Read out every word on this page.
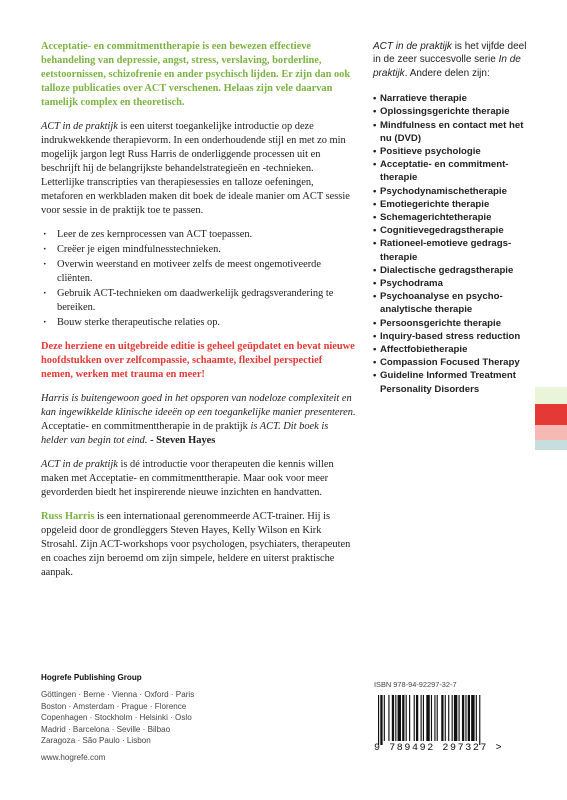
Acceptatie- en commitmenttherapie is een bewezen effectieve behandeling van depressie, angst, stress, verslaving, borderline, eetstoornissen, schizofrenie en ander psychisch lijden. Er zijn dan ook talloze publicaties over ACT verschenen. Helaas zijn vele daarvan tamelijk complex en theoretisch.

ACT in de praktijk is een uiterst toegankelijke introductie op deze indrukwekkende therapievorm. In een onderhoudende stijl en met zo min mogelijk jargon legt Russ Harris de onderliggende processen uit en beschrijft hij de belangrijkste behandelstrategieën en -technieken. Letterlijke transcripties van therapiesessies en talloze oefeningen, metaforen en werkbladen maken dit boek de ideale manier om ACT sessie voor sessie in de praktijk toe te passen.

· Leer de zes kernprocessen van ACT toepassen.
· Creëer je eigen mindfulnesstechnieken.
· Overwin weerstand en motiveer zelfs de meest ongemotiveerde cliënten.
· Gebruik ACT-technieken om daadwerkelijk gedragsverandering te bereiken.
· Bouw sterke therapeutische relaties op.

Deze herziene en uitgebreide editie is geheel geüpdatet en bevat nieuwe hoofdstukken over zelfcompassie, schaamte, flexibel perspectief nemen, werken met trauma en meer!

Harris is buitengewoon goed in het opsporen van nodeloze complexiteit en kan ingewikkelde klinische ideeën op een toegankelijke manier presenteren. Acceptatie- en commitmenttherapie in de praktijk is ACT. Dit boek is helder van begin tot eind. - Steven Hayes

ACT in de praktijk is dé introductie voor therapeuten die kennis willen maken met Acceptatie- en commitmenttherapie. Maar ook voor meer gevorderden biedt het inspirerende nieuwe inzichten en handvatten.

Russ Harris is een internationaal gerenommeerde ACT-trainer. Hij is opgeleid door de grondleggers Steven Hayes, Kelly Wilson en Kirk Strosahl. Zijn ACT-workshops voor psychologen, psychiaters, therapeuten en coaches zijn beroemd om zijn simpele, heldere en uiterst praktische aanpak.

ACT in de praktijk is het vijfde deel in de zeer succesvolle serie In de praktijk. Andere delen zijn:

• Narratieve therapie
• Oplossingsgerichte therapie
• Mindfulness en contact met het nu (DVD)
• Positieve psychologie
• Acceptatie- en commitment-therapie
• Psychodynamischetherapie
• Emotiegerichte therapie
• Schemagerichtetherapie
• Cognitievegedragstherapie
• Rationeel-emotieve gedrags-therapie
• Dialectische gedragstherapie
• Psychodrama
• Psychoanalyse en psycho-analytische therapie
• Persoonsgerichte therapie
• Inquiry-based stress reduction
• Affectfobietherapie
• Compassion Focused Therapy
• Guideline Informed Treatment Personality Disorders
Hogrefe Publishing Group
Göttingen · Berne · Vienna · Oxford · Paris
Boston · Amsterdam · Prague · Florence
Copenhagen · Stockholm · Helsinki · Oslo
Madrid · Barcelona · Seville · Bilbao
Zaragoza · São Paulo · Lisbon
www.hogrefe.com
ISBN 978-94-92297-32-7
9 789492 297327 >
